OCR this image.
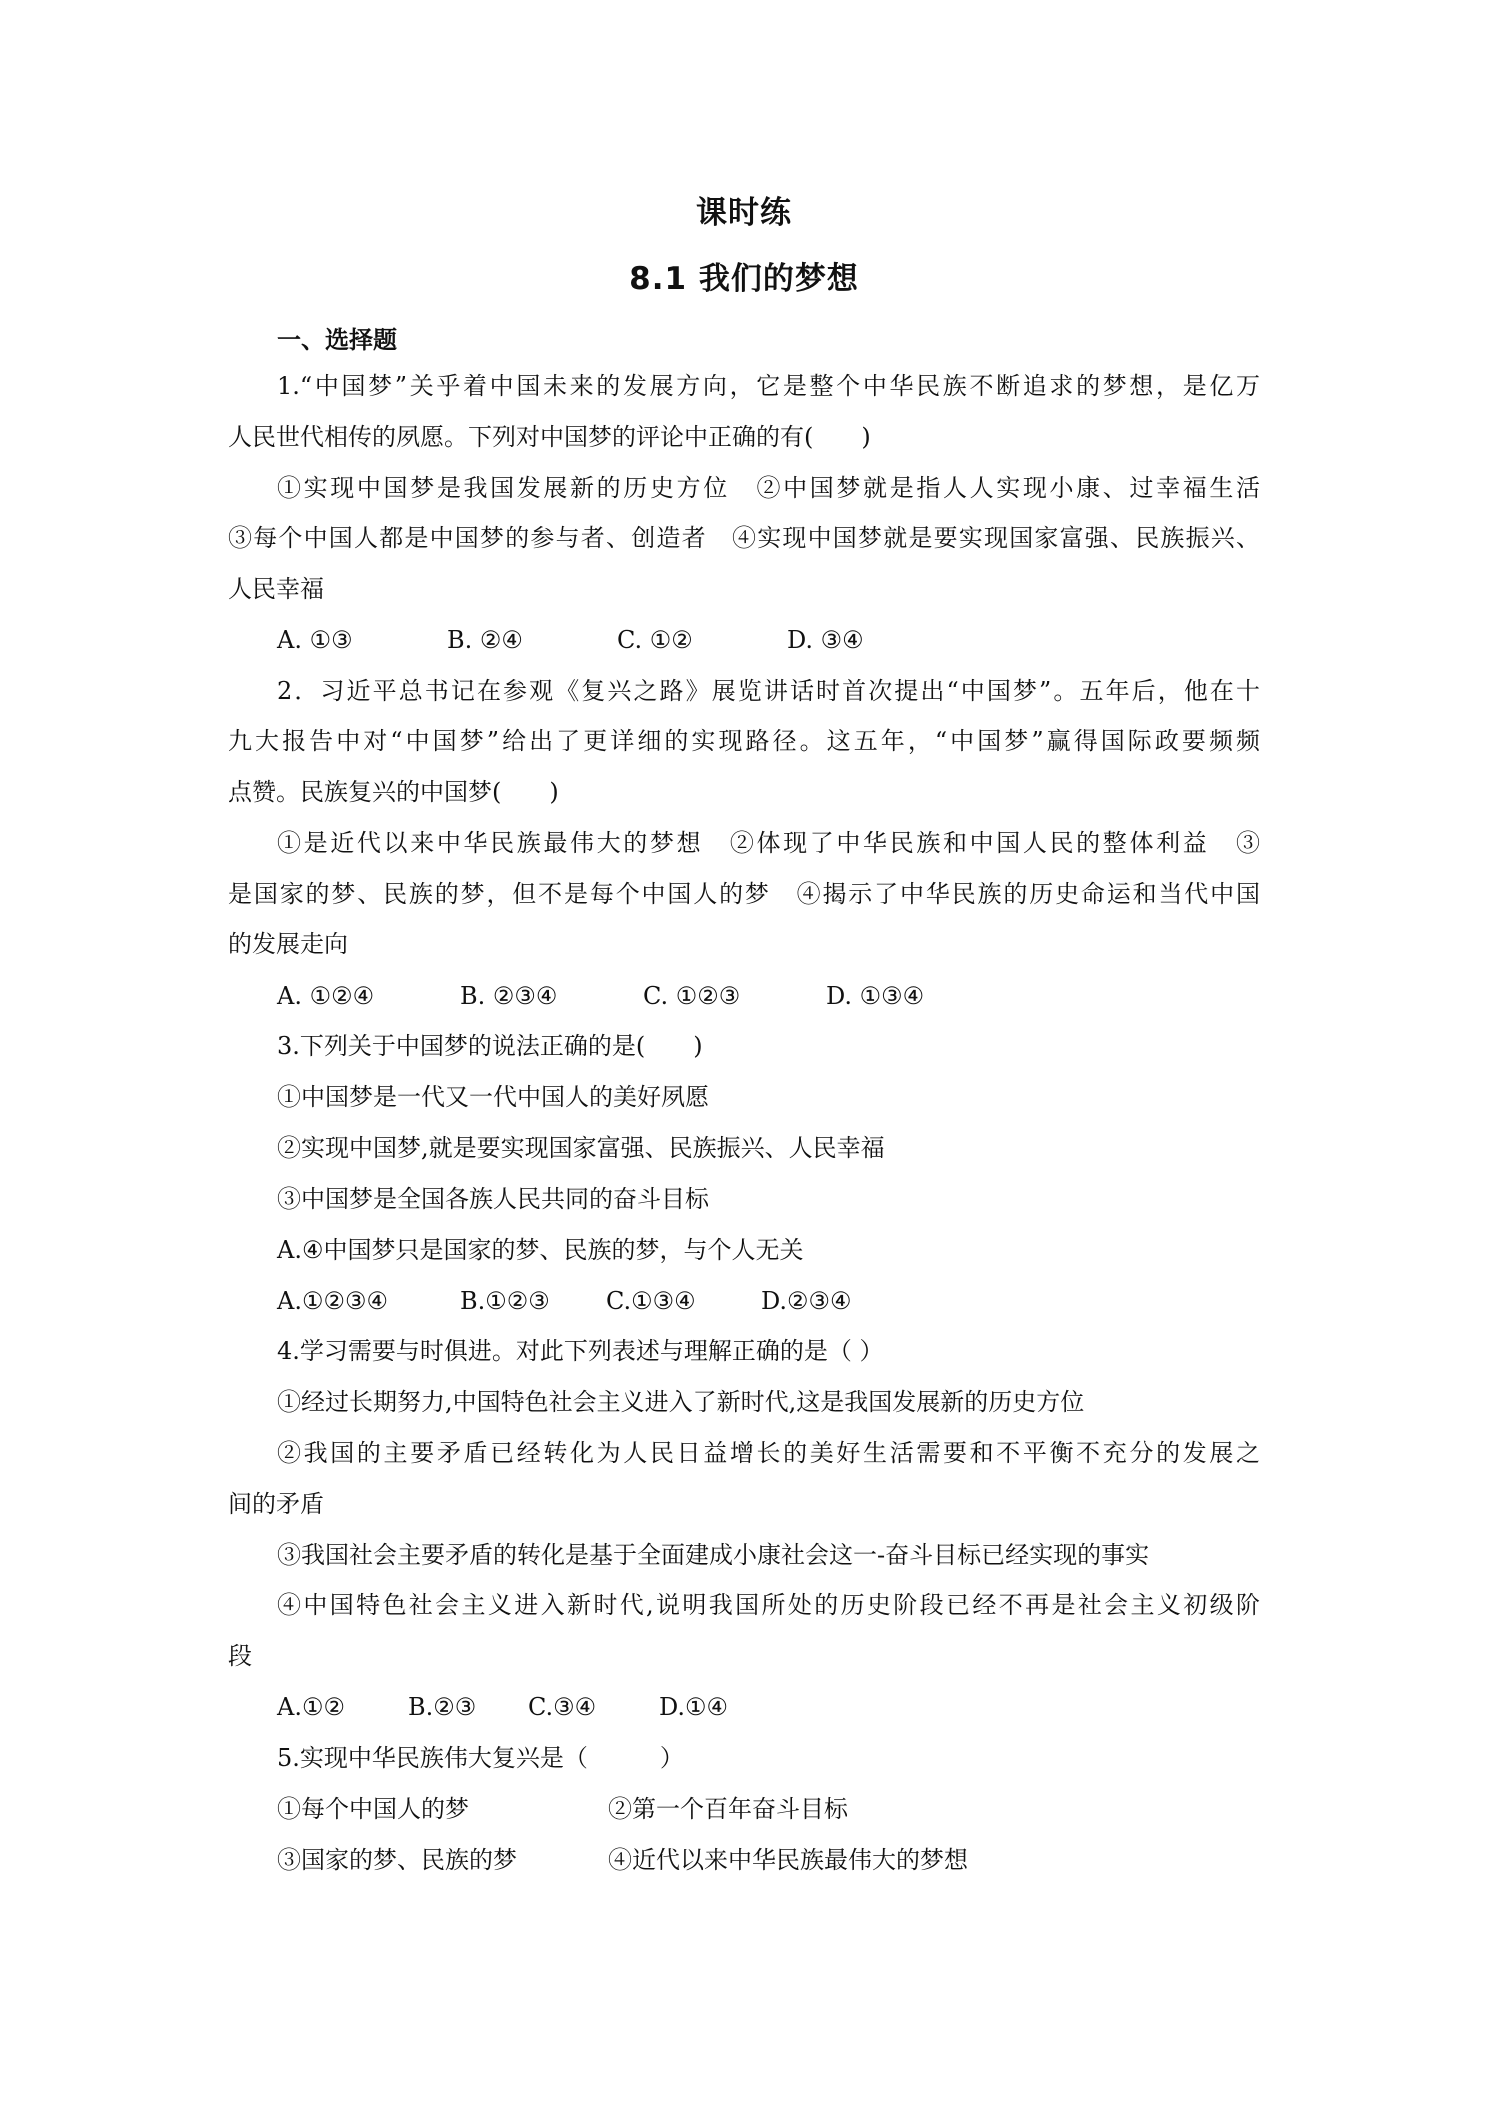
课时练
8.1 我们的梦想
一、选择题
1.“中国梦”关乎着中国未来的发展方向，它是整个中华民族不断追求的梦想，是亿万
人民世代相传的夙愿。下列对中国梦的评论中正确的有(　　)
①实现中国梦是我国发展新的历史方位　②中国梦就是指人人实现小康、过幸福生活
③每个中国人都是中国梦的参与者、创造者　④实现中国梦就是要实现国家富强、民族振兴、
人民幸福
A. ①③	B. ②④	C. ①②	D. ③④
2．习近平总书记在参观《复兴之路》展览讲话时首次提出“中国梦”。五年后，他在十
九大报告中对“中国梦”给出了更详细的实现路径。这五年，“中国梦”赢得国际政要频频
点赞。民族复兴的中国梦(　　)
①是近代以来中华民族最伟大的梦想　②体现了中华民族和中国人民的整体利益　③
是国家的梦、民族的梦，但不是每个中国人的梦　④揭示了中华民族的历史命运和当代中国
的发展走向
A. ①②④	B. ②③④	C. ①②③	D. ①③④
3.下列关于中国梦的说法正确的是(　　)
①中国梦是一代又一代中国人的美好夙愿
②实现中国梦,就是要实现国家富强、民族振兴、人民幸福
③中国梦是全国各族人民共同的奋斗目标
A.④中国梦只是国家的梦、民族的梦，与个人无关
A.①②③④	B.①②③ C.①③④	D.②③④
4.学习需要与时俱进。对此下列表述与理解正确的是（ ）
①经过长期努力,中国特色社会主义进入了新时代,这是我国发展新的历史方位
②我国的主要矛盾已经转化为人民日益增长的美好生活需要和不平衡不充分的发展之
间的矛盾
③我国社会主要矛盾的转化是基于全面建成小康社会这一-奋斗目标已经实现的事实
④中国特色社会主义进入新时代,说明我国所处的历史阶段已经不再是社会主义初级阶
段
A.①②	B.②③ C.③④	D.①④
5.实现中华民族伟大复兴是（　　　）
①每个中国人的梦	②第一个百年奋斗目标
③国家的梦、民族的梦	④近代以来中华民族最伟大的梦想
